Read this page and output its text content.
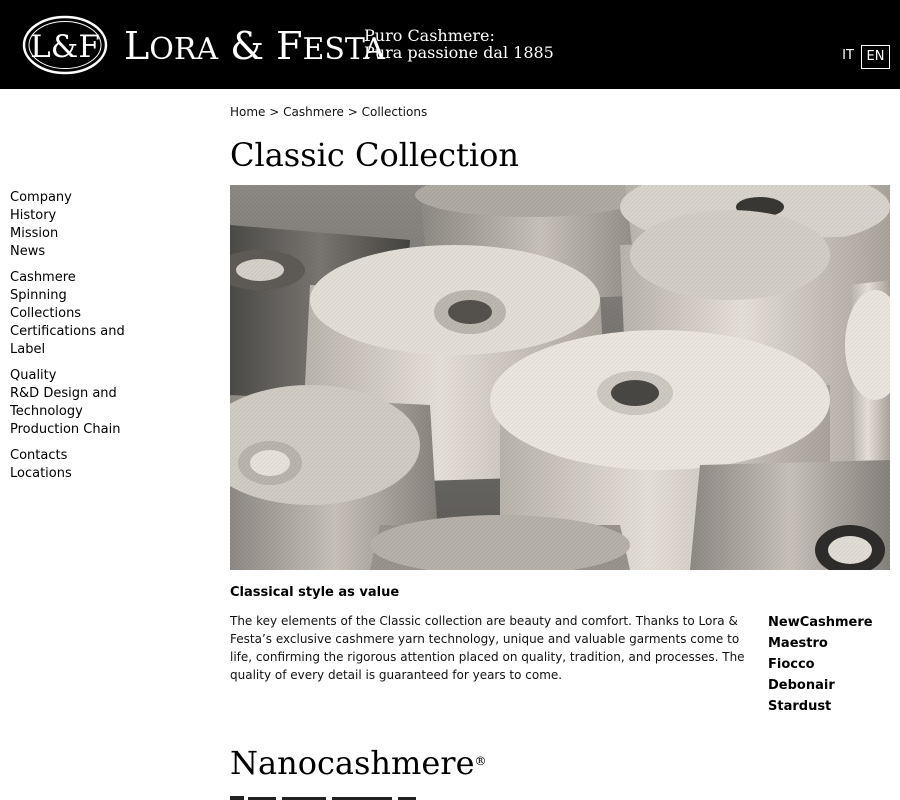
L&F LORA & FESTA
Puro Cashmere:
Pura passione dal 1885	IT EN
Home > Cashmere > Collections
Classic Collection
Company
History
Mission
News
Cashmere
Spinning
Collections
Certifications and
Label
Quality
R&D Design and
Technology
Production Chain
Contacts
Locations
Classical style as value

The key elements of the Classic collection are beauty and comfort. Thanks to Lora & Festa’s exclusive cashmere yarn technology, unique and valuable garments come to life, confirming the rigorous attention placed on quality, tradition, and processes. The quality of every detail is guaranteed for years to come.

NewCashmere
Maestro
Fiocco
Debonair
Stardust
Nanocashmere®
